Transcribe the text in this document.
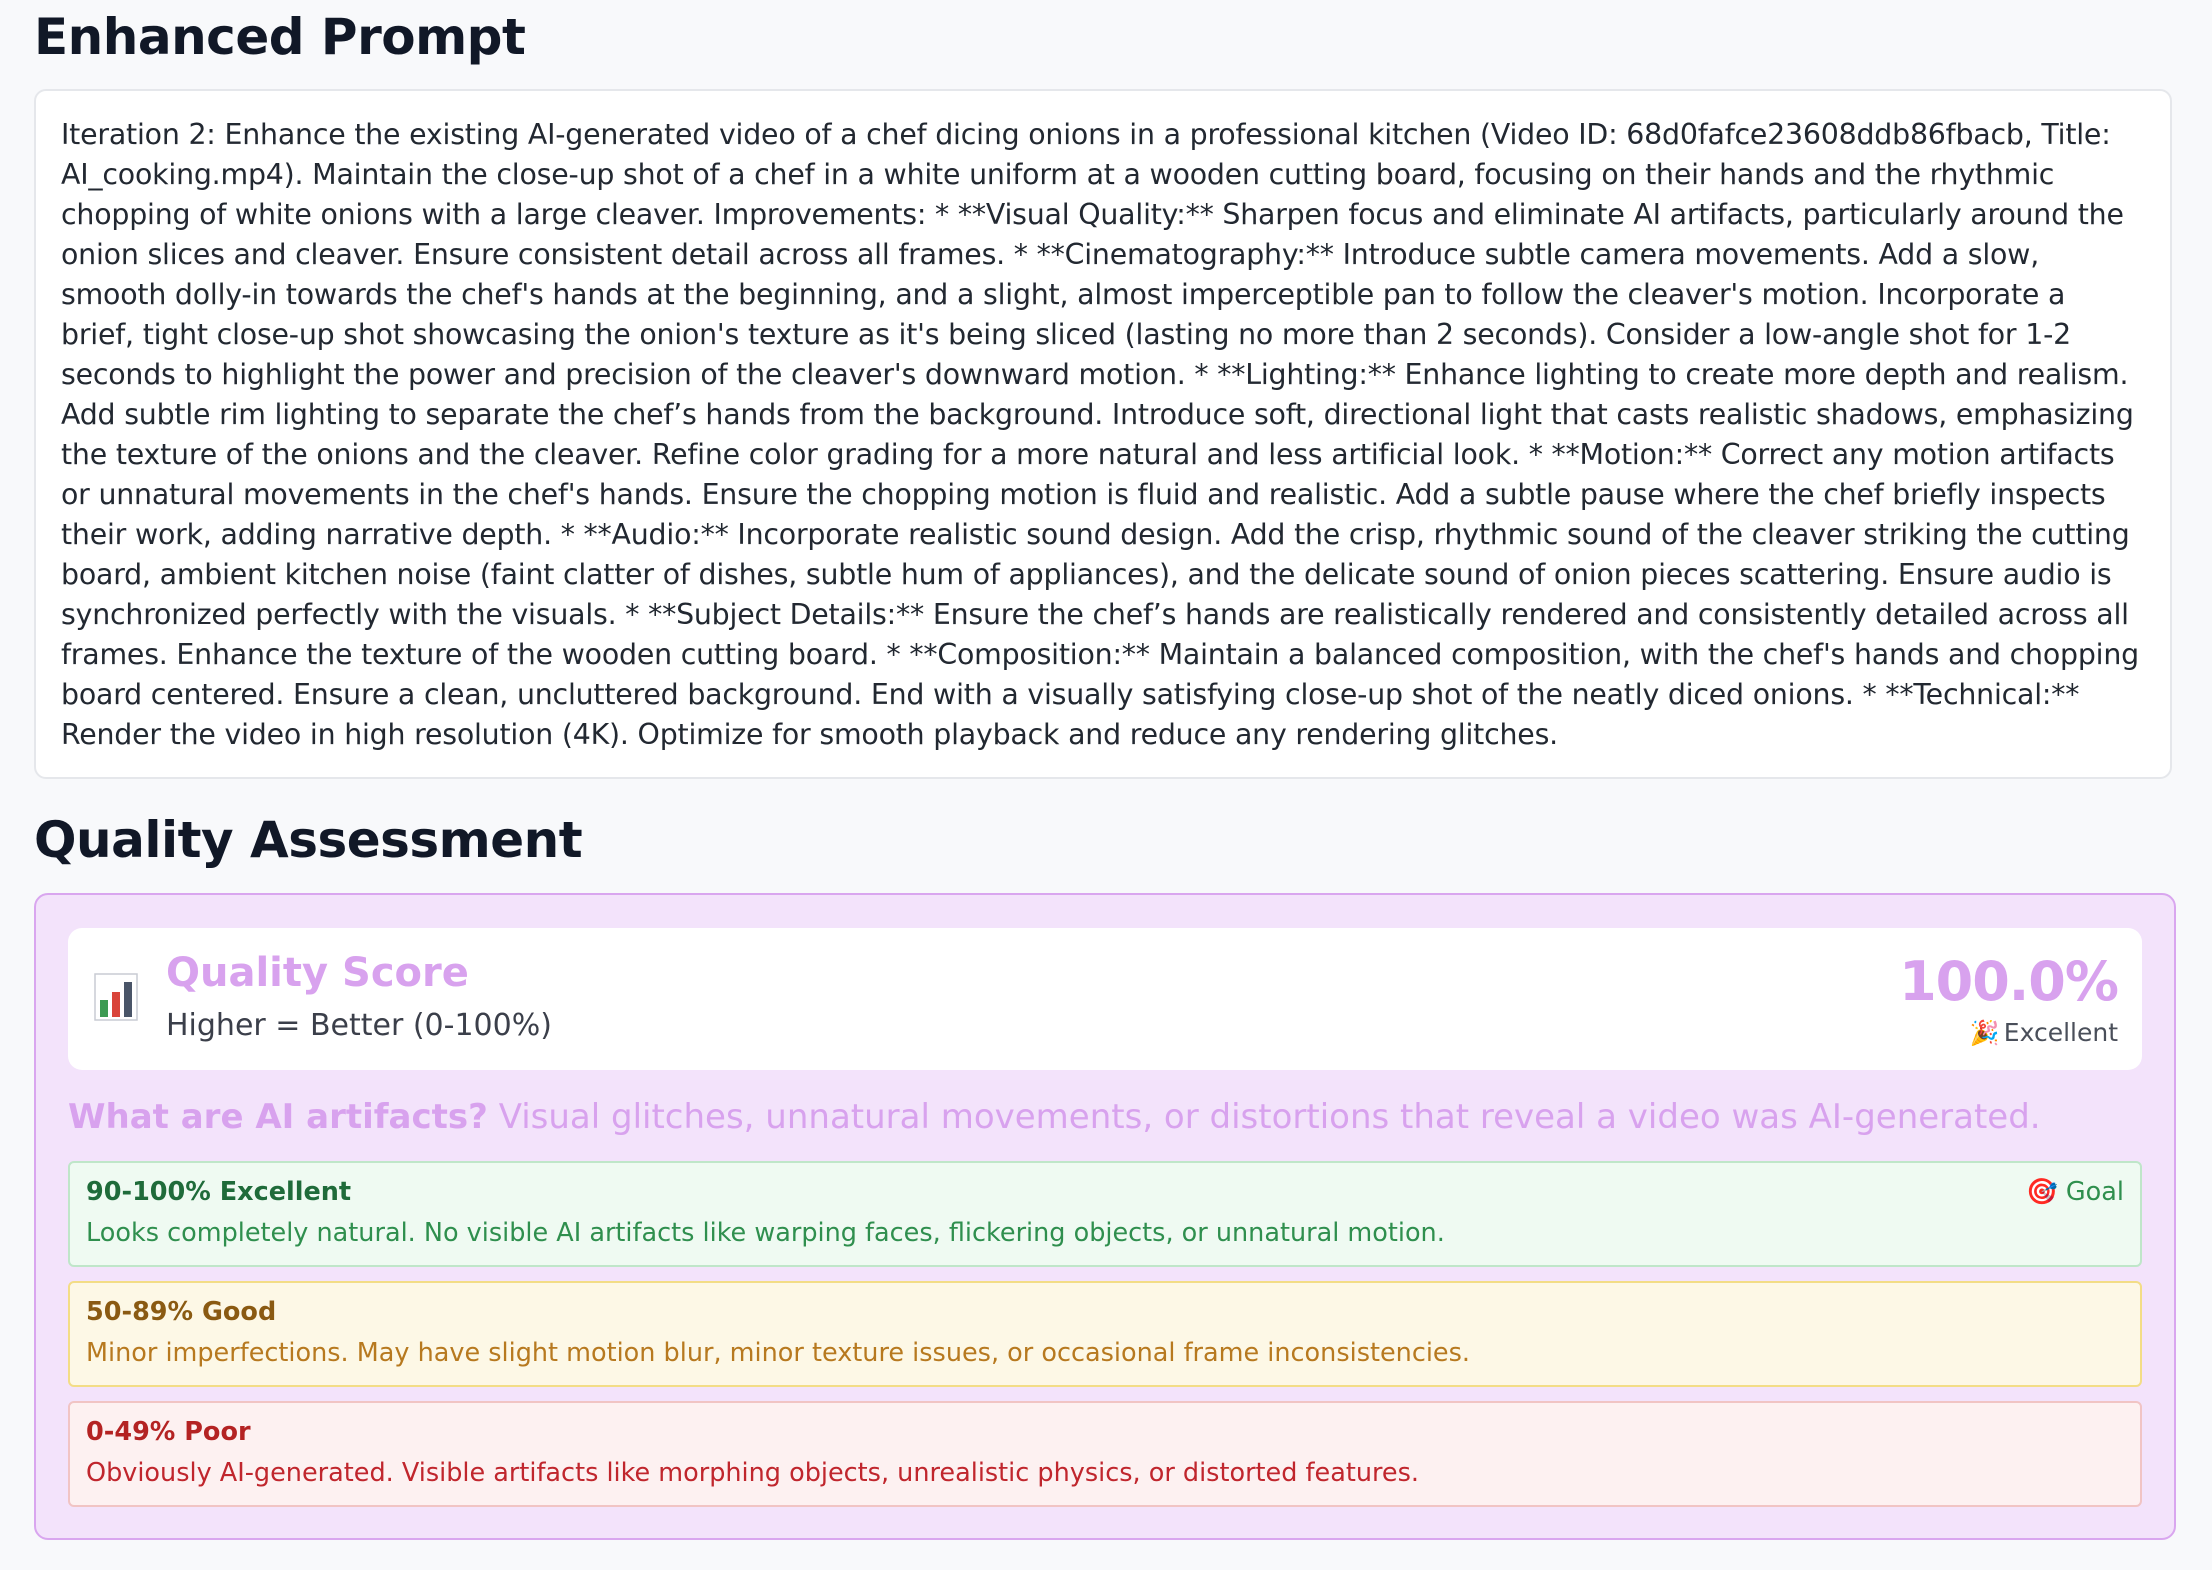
Enhanced Prompt

Iteration 2: Enhance the existing AI-generated video of a chef dicing onions in a professional kitchen (Video ID: 68d0fafce23608ddb86fbacb, Title: AI_cooking.mp4). Maintain the close-up shot of a chef in a white uniform at a wooden cutting board, focusing on their hands and the rhythmic chopping of white onions with a large cleaver. Improvements: * **Visual Quality:** Sharpen focus and eliminate AI artifacts, particularly around the onion slices and cleaver. Ensure consistent detail across all frames. * **Cinematography:** Introduce subtle camera movements. Add a slow, smooth dolly-in towards the chef's hands at the beginning, and a slight, almost imperceptible pan to follow the cleaver's motion. Incorporate a brief, tight close-up shot showcasing the onion's texture as it's being sliced (lasting no more than 2 seconds). Consider a low-angle shot for 1-2 seconds to highlight the power and precision of the cleaver's downward motion. * **Lighting:** Enhance lighting to create more depth and realism. Add subtle rim lighting to separate the chef’s hands from the background. Introduce soft, directional light that casts realistic shadows, emphasizing the texture of the onions and the cleaver. Refine color grading for a more natural and less artificial look. * **Motion:** Correct any motion artifacts or unnatural movements in the chef's hands. Ensure the chopping motion is fluid and realistic. Add a subtle pause where the chef briefly inspects their work, adding narrative depth. * **Audio:** Incorporate realistic sound design. Add the crisp, rhythmic sound of the cleaver striking the cutting board, ambient kitchen noise (faint clatter of dishes, subtle hum of appliances), and the delicate sound of onion pieces scattering. Ensure audio is synchronized perfectly with the visuals. * **Subject Details:** Ensure the chef’s hands are realistically rendered and consistently detailed across all frames. Enhance the texture of the wooden cutting board. * **Composition:** Maintain a balanced composition, with the chef's hands and chopping board centered. Ensure a clean, uncluttered background. End with a visually satisfying close-up shot of the neatly diced onions. * **Technical:** Render the video in high resolution (4K). Optimize for smooth playback and reduce any rendering glitches.

Quality Assessment
Quality Score
Higher = Better (0-100%)
100.0%
🎉 Excellent
What are AI artifacts? Visual glitches, unnatural movements, or distortions that reveal a video was AI-generated.
90-100% Excellent
Looks completely natural. No visible AI artifacts like warping faces, flickering objects, or unnatural motion.
🎯 Goal
50-89% Good
Minor imperfections. May have slight motion blur, minor texture issues, or occasional frame inconsistencies.
0-49% Poor
Obviously AI-generated. Visible artifacts like morphing objects, unrealistic physics, or distorted features.
